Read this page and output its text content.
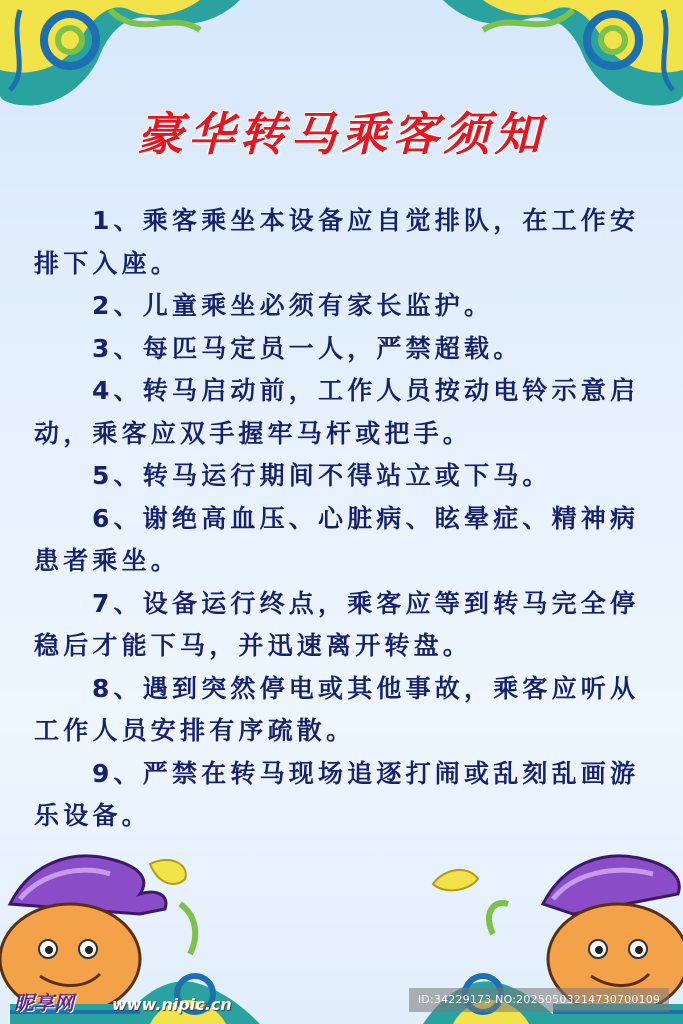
豪华转马乘客须知

1、乘客乘坐本设备应自觉排队，在工作安排下入座。

2、儿童乘坐必须有家长监护。

3、每匹马定员一人，严禁超载。

4、转马启动前，工作人员按动电铃示意启动，乘客应双手握牢马杆或把手。

5、转马运行期间不得站立或下马。

6、谢绝高血压、心脏病、眩晕症、精神病患者乘坐。

7、设备运行终点，乘客应等到转马完全停稳后才能下马，并迅速离开转盘。

8、遇到突然停电或其他事故，乘客应听从工作人员安排有序疏散。

9、严禁在转马现场追逐打闹或乱刻乱画游乐设备。

昵享网 www.nipic.cn	ID:34229173 NO:20250503214730700109
